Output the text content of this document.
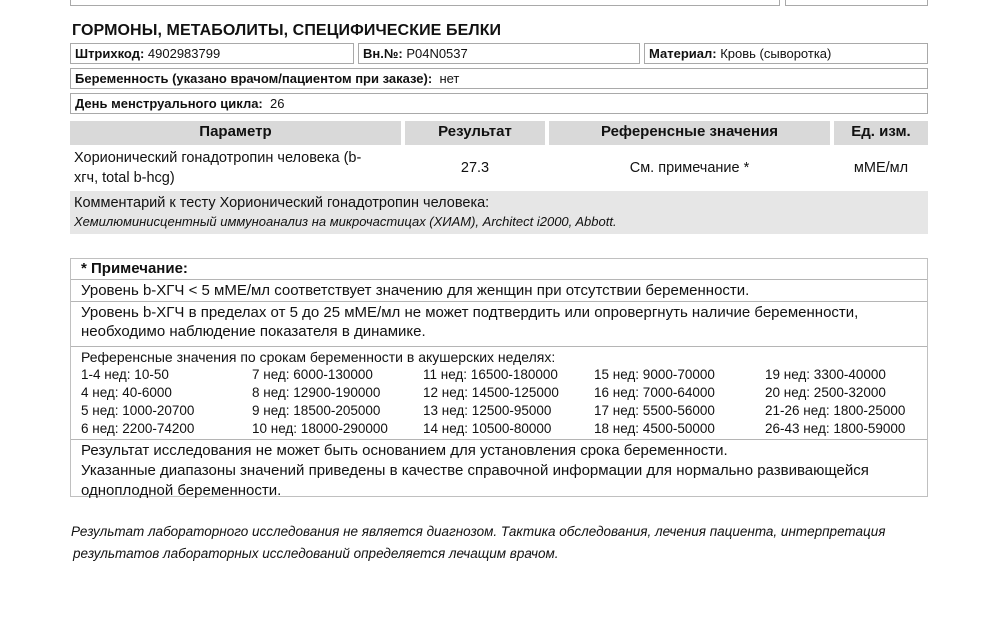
ГОРМОНЫ, МЕТАБОЛИТЫ, СПЕЦИФИЧЕСКИЕ БЕЛКИ
Штрихкод: 4902983799	Вн.№: P04N0537	Материал: Кровь (сыворотка)
Беременность (указано врачом/пациентом при заказе): нет
День менструального цикла: 26
Параметр	Результат	Референсные значения	Ед. изм.
Хорионический гонадотропин человека (b-
хгч, total b-hcg)
27.3	См. примечание *	мМЕ/мл
Комментарий к тесту Хорионический гонадотропин человека:
Хемилюминисцентный иммуноанализ на микрочастицах (ХИАМ), Architect i2000, Abbott.
* Примечание:
Уровень b-ХГЧ < 5 мМЕ/мл соответствует значению для женщин при отсутствии беременности.
Уровень b-ХГЧ в пределах от 5 до 25 мМЕ/мл не может подтвердить или опровергнуть наличие беременности,
необходимо наблюдение показателя в динамике.
Референсные значения по срокам беременности в акушерских неделях:
1-4 нед: 10-50	7 нед: 6000-130000	11 нед: 16500-180000	15 нед: 9000-70000	19 нед: 3300-40000
4 нед: 40-6000	8 нед: 12900-190000	12 нед: 14500-125000	16 нед: 7000-64000	20 нед: 2500-32000
5 нед: 1000-20700	9 нед: 18500-205000	13 нед: 12500-95000	17 нед: 5500-56000	21-26 нед: 1800-25000
6 нед: 2200-74200	10 нед: 18000-290000	14 нед: 10500-80000	18 нед: 4500-50000	26-43 нед: 1800-59000
Результат исследования не может быть основанием для установления срока беременности.
Указанные диапазоны значений приведены в качестве справочной информации для нормально развивающейся
одноплодной беременности.
Результат лабораторного исследования не является диагнозом. Тактика обследования, лечения пациента, интерпретация
результатов лабораторных исследований определяется лечащим врачом.
